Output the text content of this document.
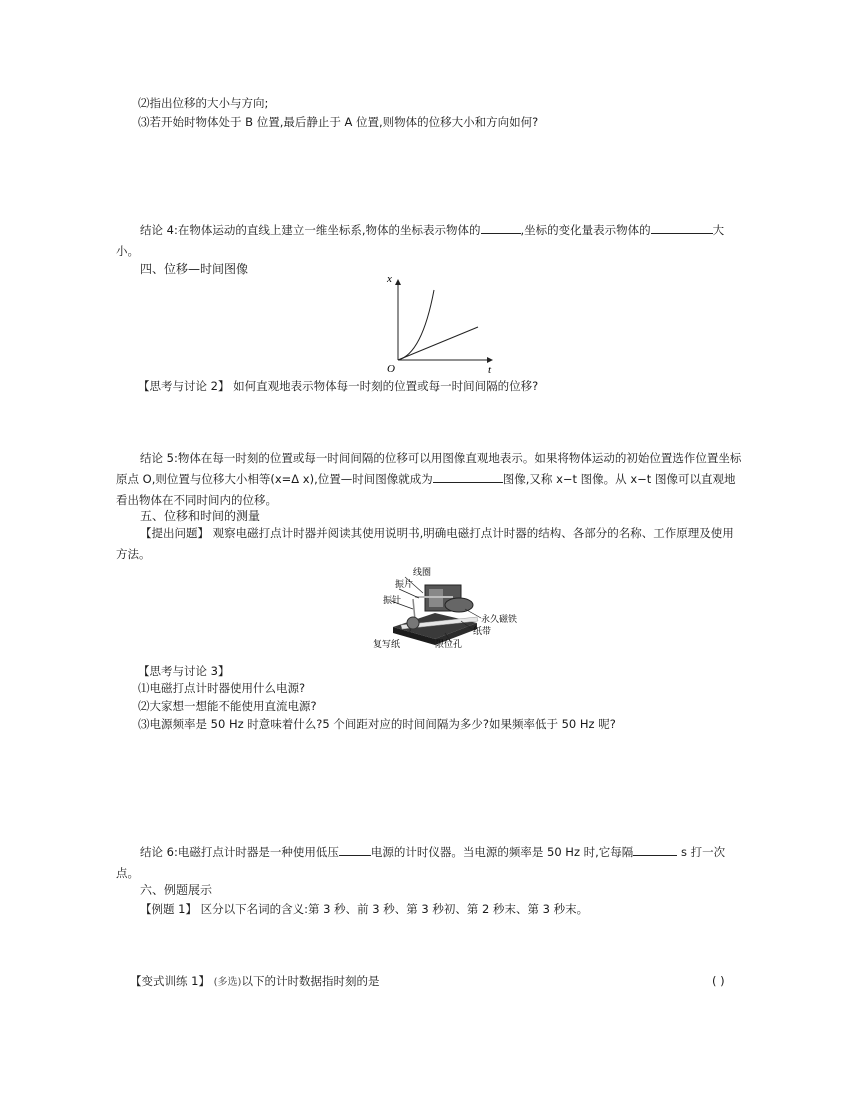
⑵指出位移的大小与方向;
⑶若开始时物体处于 B 位置,最后静止于 A 位置,则物体的位移大小和方向如何?
结论 4:在物体运动的直线上建立一维坐标系,物体的坐标表示物体的	,坐标的变化量表示物体的	大小。
四、位移—时间图像
x
t
O
【思考与讨论 2】 如何直观地表示物体每一时刻的位置或每一时间间隔的位移?
结论 5:物体在每一时刻的位置或每一时间间隔的位移可以用图像直观地表示。如果将物体运动的初始位置选作位置坐标原点 O,则位置与位移大小相等(x=Δ x),位置—时间图像就成为	图像,又称 x−t 图像。从 x−t 图像可以直观地看出物体在不同时间内的位移。
五、位移和时间的测量
【提出问题】 观察电磁打点计时器并阅读其使用说明书,明确电磁打点计时器的结构、各部分的名称、工作原理及使用方法。
线圈
振片
振针
永久磁铁
纸带
复写纸	限位孔
【思考与讨论 3】
⑴电磁打点计时器使用什么电源?
⑵大家想一想能不能使用直流电源?
⑶电源频率是 50 Hz 时意味着什么?5 个间距对应的时间间隔为多少?如果频率低于 50 Hz 呢?
结论 6:电磁打点计时器是一种使用低压	电源的计时仪器。当电源的频率是 50 Hz 时,它每隔	s 打一次点。
六、例题展示
【例题 1】 区分以下名词的含义:第 3 秒、前 3 秒、第 3 秒初、第 2 秒末、第 3 秒末。
【变式训练 1】 (多选)以下的计时数据指时刻的是	( )
